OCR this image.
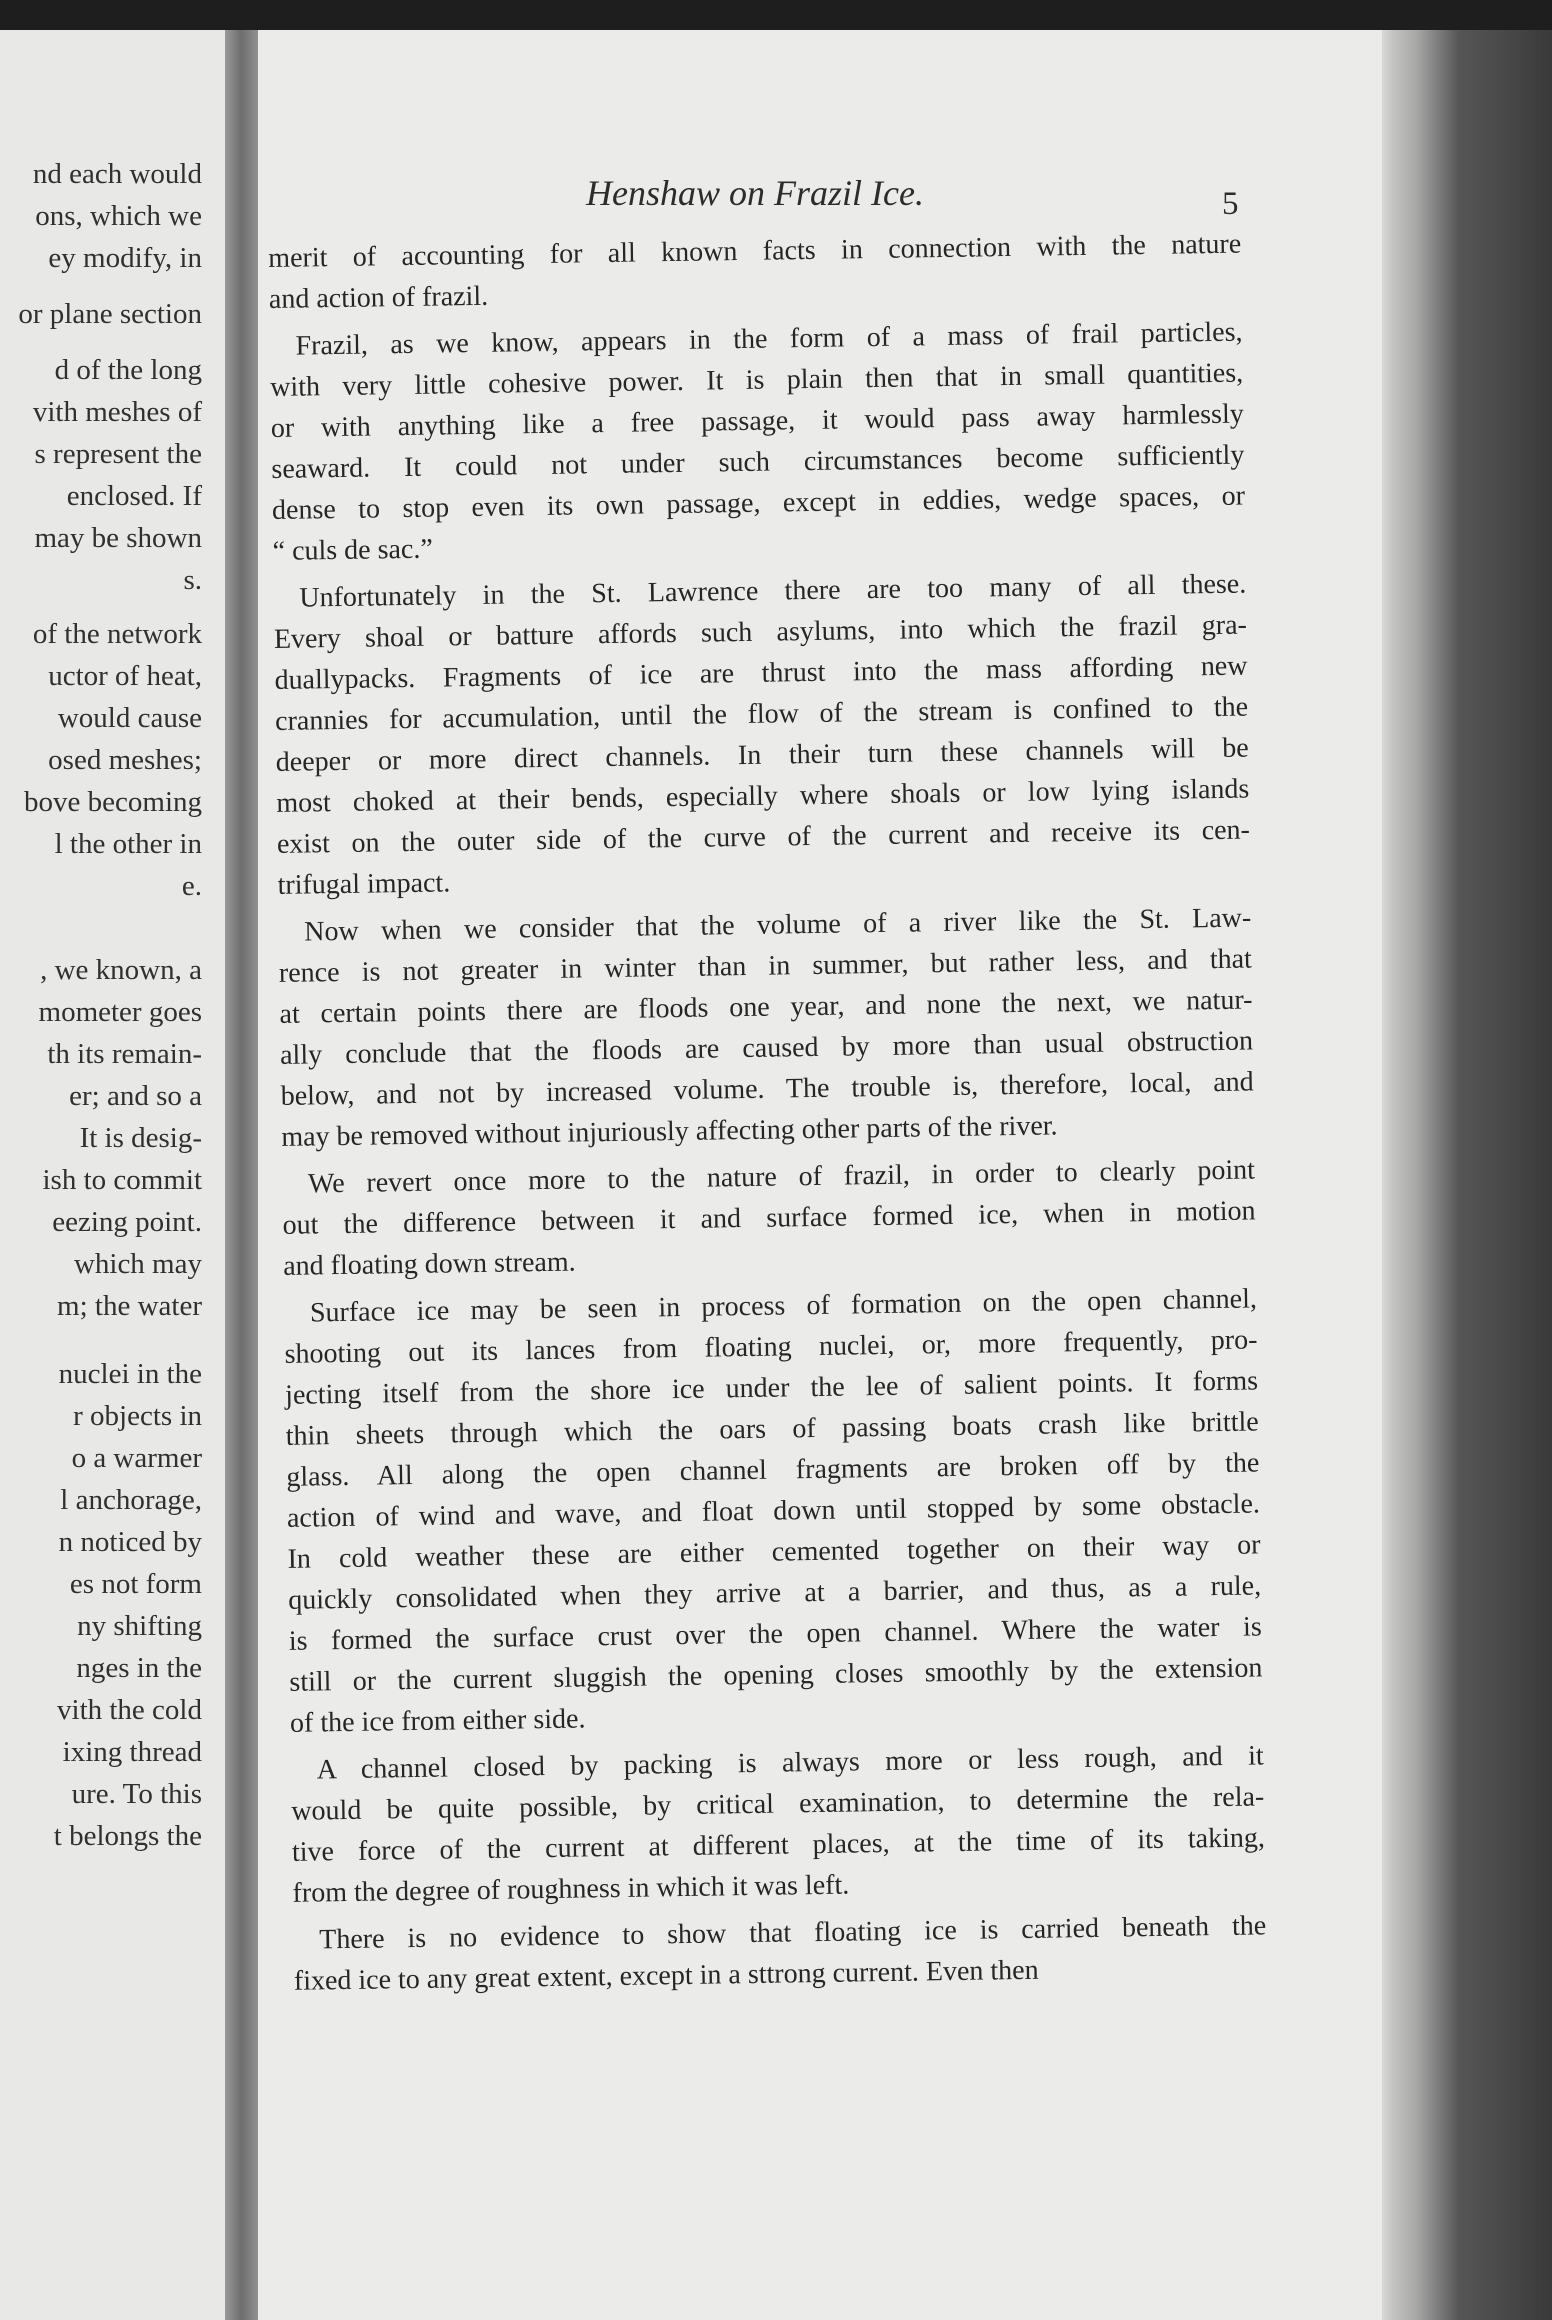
nd each would
ons, which we
ey modify, in
or plane section
d of the long
vith meshes of
s represent the
enclosed. If
may be shown
s.
of the network
uctor of heat,
would cause
osed meshes;
bove becoming
l the other in
e.
, we known, a
mometer goes
th its remain-
er; and so a
It is desig-
ish to commit
eezing point.
which may
m; the water
nuclei in the
r objects in
o a warmer
l anchorage,
n noticed by
es not form
ny shifting
nges in the
vith the cold
ixing thread
ure. To this
t belongs the
Henshaw on Frazil Ice.	5
merit of accounting for all known facts in connection with the nature
and action of frazil.
Frazil, as we know, appears in the form of a mass of frail particles,
with very little cohesive power. It is plain then that in small quantities,
or with anything like a free passage, it would pass away harmlessly
seaward. It could not under such circumstances become sufficiently
dense to stop even its own passage, except in eddies, wedge spaces, or
“ culs de sac.”
Unfortunately in the St. Lawrence there are too many of all these.
Every shoal or batture affords such asylums, into which the frazil gra-
duallypacks. Fragments of ice are thrust into the mass affording new
crannies for accumulation, until the flow of the stream is confined to the
deeper or more direct channels. In their turn these channels will be
most choked at their bends, especially where shoals or low lying islands
exist on the outer side of the curve of the current and receive its cen-
trifugal impact.
Now when we consider that the volume of a river like the St. Law-
rence is not greater in winter than in summer, but rather less, and that
at certain points there are floods one year, and none the next, we natur-
ally conclude that the floods are caused by more than usual obstruction
below, and not by increased volume. The trouble is, therefore, local, and
may be removed without injuriously affecting other parts of the river.
We revert once more to the nature of frazil, in order to clearly point
out the difference between it and surface formed ice, when in motion
and floating down stream.
Surface ice may be seen in process of formation on the open channel,
shooting out its lances from floating nuclei, or, more frequently, pro-
jecting itself from the shore ice under the lee of salient points. It forms
thin sheets through which the oars of passing boats crash like brittle
glass. All along the open channel fragments are broken off by the
action of wind and wave, and float down until stopped by some obstacle.
In cold weather these are either cemented together on their way or
quickly consolidated when they arrive at a barrier, and thus, as a rule,
is formed the surface crust over the open channel. Where the water is
still or the current sluggish the opening closes smoothly by the extension
of the ice from either side.
A channel closed by packing is always more or less rough, and it
would be quite possible, by critical examination, to determine the rela-
tive force of the current at different places, at the time of its taking,
from the degree of roughness in which it was left.
There is no evidence to show that floating ice is carried beneath the
fixed ice to any great extent, except in a sttrong current. Even then
